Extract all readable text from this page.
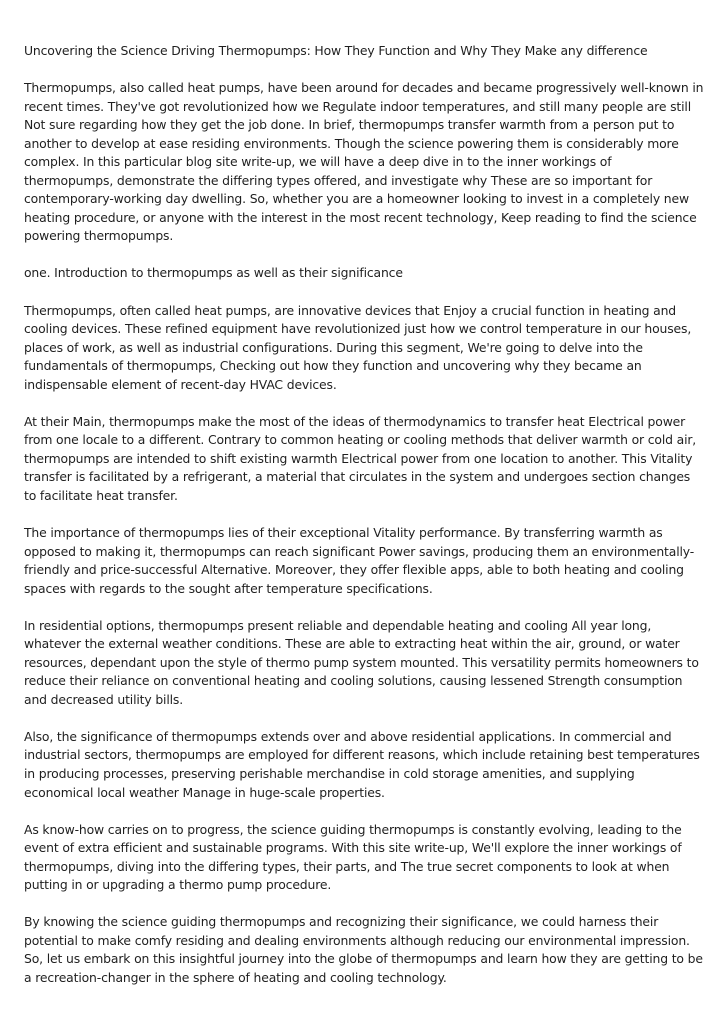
Uncovering the Science Driving Thermopumps: How They Function and Why They Make any difference

Thermopumps, also called heat pumps, have been around for decades and became progressively well-known in recent times. They've got revolutionized how we Regulate indoor temperatures, and still many people are still Not sure regarding how they get the job done. In brief, thermopumps transfer warmth from a person put to another to develop at ease residing environments. Though the science powering them is considerably more complex. In this particular blog site write-up, we will have a deep dive in to the inner workings of thermopumps, demonstrate the differing types offered, and investigate why These are so important for contemporary-working day dwelling. So, whether you are a homeowner looking to invest in a completely new heating procedure, or anyone with the interest in the most recent technology, Keep reading to find the science powering thermopumps.

one. Introduction to thermopumps as well as their significance

Thermopumps, often called heat pumps, are innovative devices that Enjoy a crucial function in heating and cooling devices. These refined equipment have revolutionized just how we control temperature in our houses, places of work, as well as industrial configurations. During this segment, We're going to delve into the fundamentals of thermopumps, Checking out how they function and uncovering why they became an indispensable element of recent-day HVAC devices.

At their Main, thermopumps make the most of the ideas of thermodynamics to transfer heat Electrical power from one locale to a different. Contrary to common heating or cooling methods that deliver warmth or cold air, thermopumps are intended to shift existing warmth Electrical power from one location to another. This Vitality transfer is facilitated by a refrigerant, a material that circulates in the system and undergoes section changes to facilitate heat transfer.

The importance of thermopumps lies of their exceptional Vitality performance. By transferring warmth as opposed to making it, thermopumps can reach significant Power savings, producing them an environmentally-friendly and price-successful Alternative. Moreover, they offer flexible apps, able to both heating and cooling spaces with regards to the sought after temperature specifications.

In residential options, thermopumps present reliable and dependable heating and cooling All year long, whatever the external weather conditions. These are able to extracting heat within the air, ground, or water resources, dependant upon the style of thermo pump system mounted. This versatility permits homeowners to reduce their reliance on conventional heating and cooling solutions, causing lessened Strength consumption and decreased utility bills.

Also, the significance of thermopumps extends over and above residential applications. In commercial and industrial sectors, thermopumps are employed for different reasons, which include retaining best temperatures in producing processes, preserving perishable merchandise in cold storage amenities, and supplying economical local weather Manage in huge-scale properties.

As know-how carries on to progress, the science guiding thermopumps is constantly evolving, leading to the event of extra efficient and sustainable programs. With this site write-up, We'll explore the inner workings of thermopumps, diving into the differing types, their parts, and The true secret components to look at when putting in or upgrading a thermo pump procedure.

By knowing the science guiding thermopumps and recognizing their significance, we could harness their potential to make comfy residing and dealing environments although reducing our environmental impression. So, let us embark on this insightful journey into the globe of thermopumps and learn how they are getting to be a recreation-changer in the sphere of heating and cooling technology.
